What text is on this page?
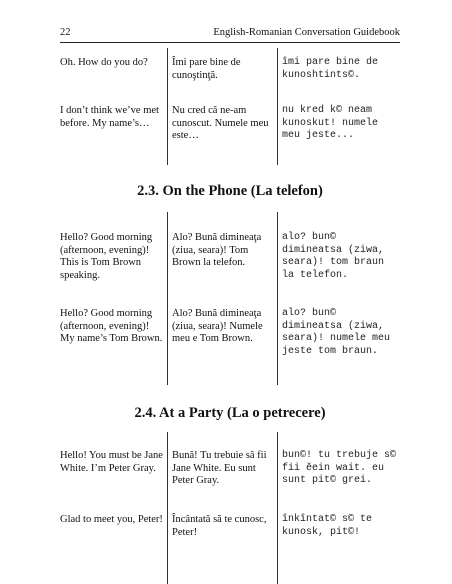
22	English-Romanian Conversation Guidebook
Oh. How do you do?	Îmi pare bine de cunoştinţă.
îmi pare bine de kunoshtints©.
I don’t think we’ve met before. My name’s…
Nu cred că ne-am cunoscut. Numele meu este…
nu kred k© neam kunoskut! numele meu jeste...
2.3. On the Phone (La telefon)
Hello? Good morning (afternoon, evening)! This is Tom Brown speaking.
Alo? Bună dimineaţa (ziua, seara)! Tom Brown la telefon.
alo? bun© dimineatsa (ziwa, seara)! tom braun la telefon.
Hello? Good morning (afternoon, evening)! My name’s Tom Brown.
Alo? Bună dimineaţa (ziua, seara)! Numele meu e Tom Brown.
alo? bun© dimineatsa (ziwa, seara)! numele meu jeste tom braun.
2.4. At a Party (La o petrecere)
Hello! You must be Jane White. I’m Peter Gray.
Bună! Tu trebuie să fii Jane White. Eu sunt Peter Gray.
bun©! tu trebuje s© fii ĕein wait. eu sunt pit© grei.
Glad to meet you, Peter! Încântată să te cunosc, Peter!
înkîntat© s© te kunosk, pit©!
